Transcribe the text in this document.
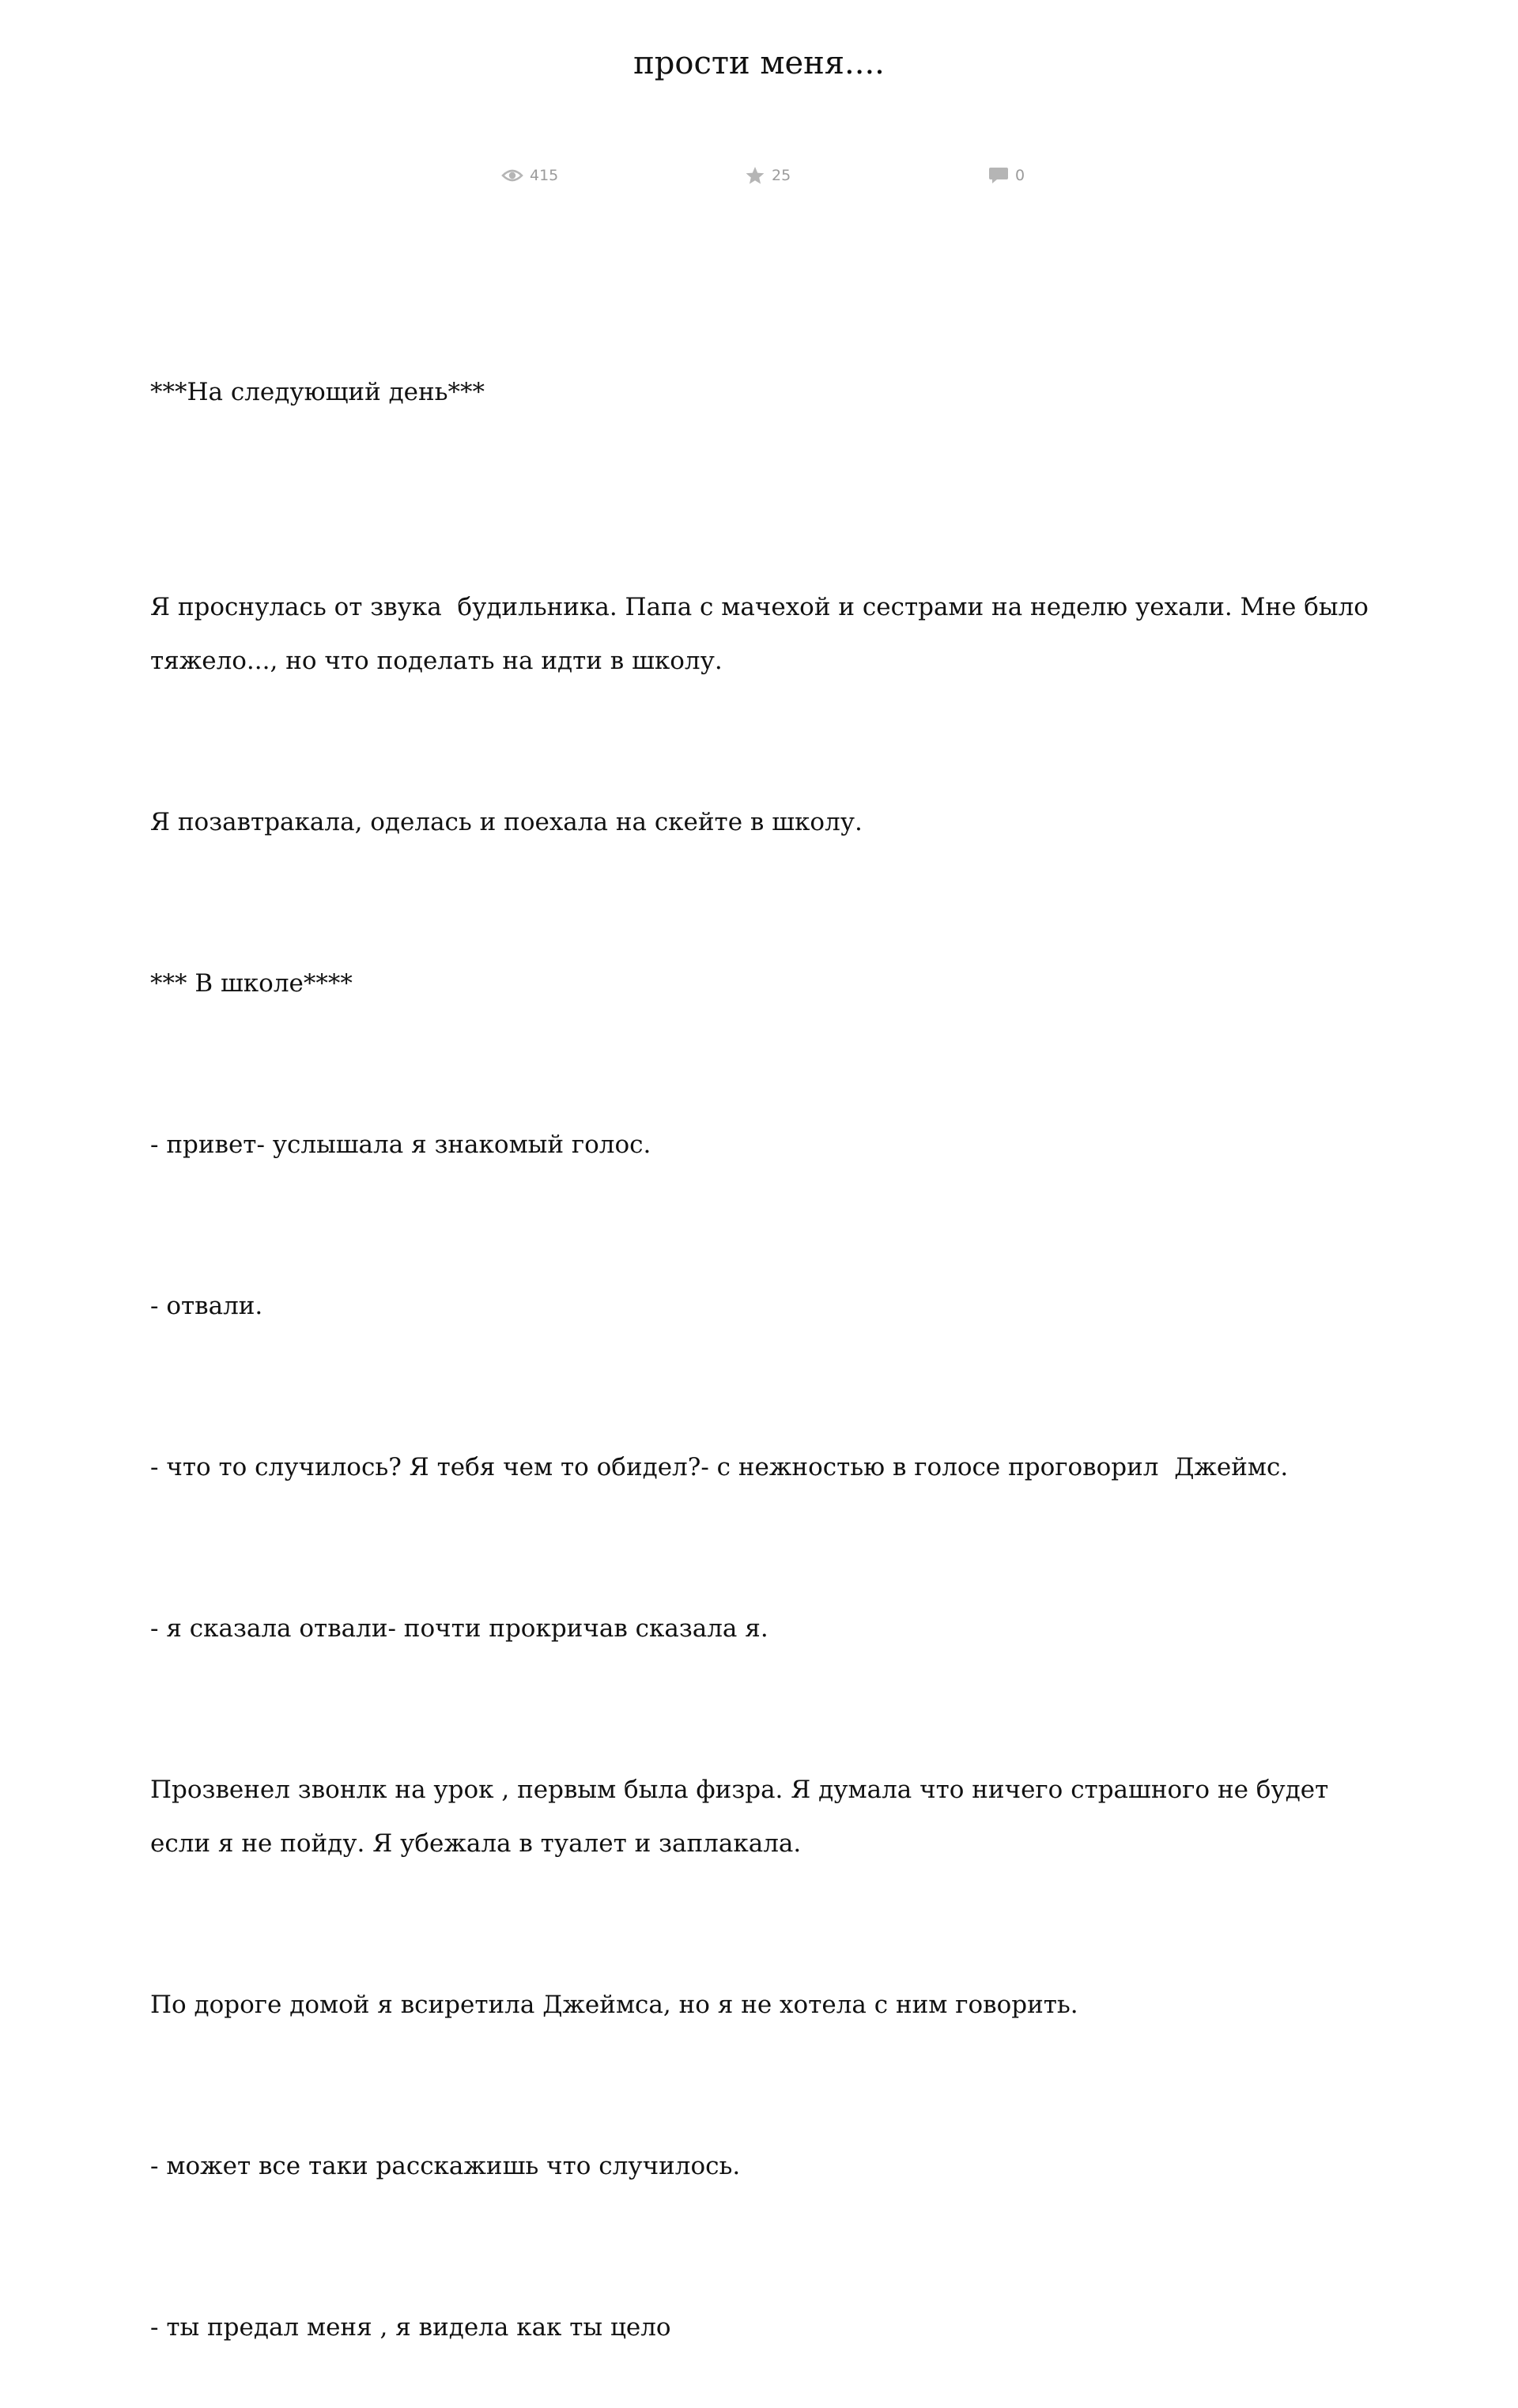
прости меня....
415	25	0

***На следующий день***

Я проснулась от звука  будильника. Папа с мачехой и сестрами на неделю уехали. Мне было тяжело..., но что поделать на идти в школу.

Я позавтракала, оделась и поехала на скейте в школу.

*** В школе****

- привет- услышала я знакомый голос.

- отвали.

- что то случилось? Я тебя чем то обидел?- с нежностью в голосе проговорил  Джеймс.

- я сказала отвали- почти прокричав сказала я.

Прозвенел звонлк на урок , первым была физра. Я думала что ничего страшного не будет если я не пойду. Я убежала в туалет и заплакала.

По дороге домой я всиретила Джеймса, но я не хотела с ним говорить.

- может все таки расскажишь что случилось.

- ты предал меня , я видела как ты цело
